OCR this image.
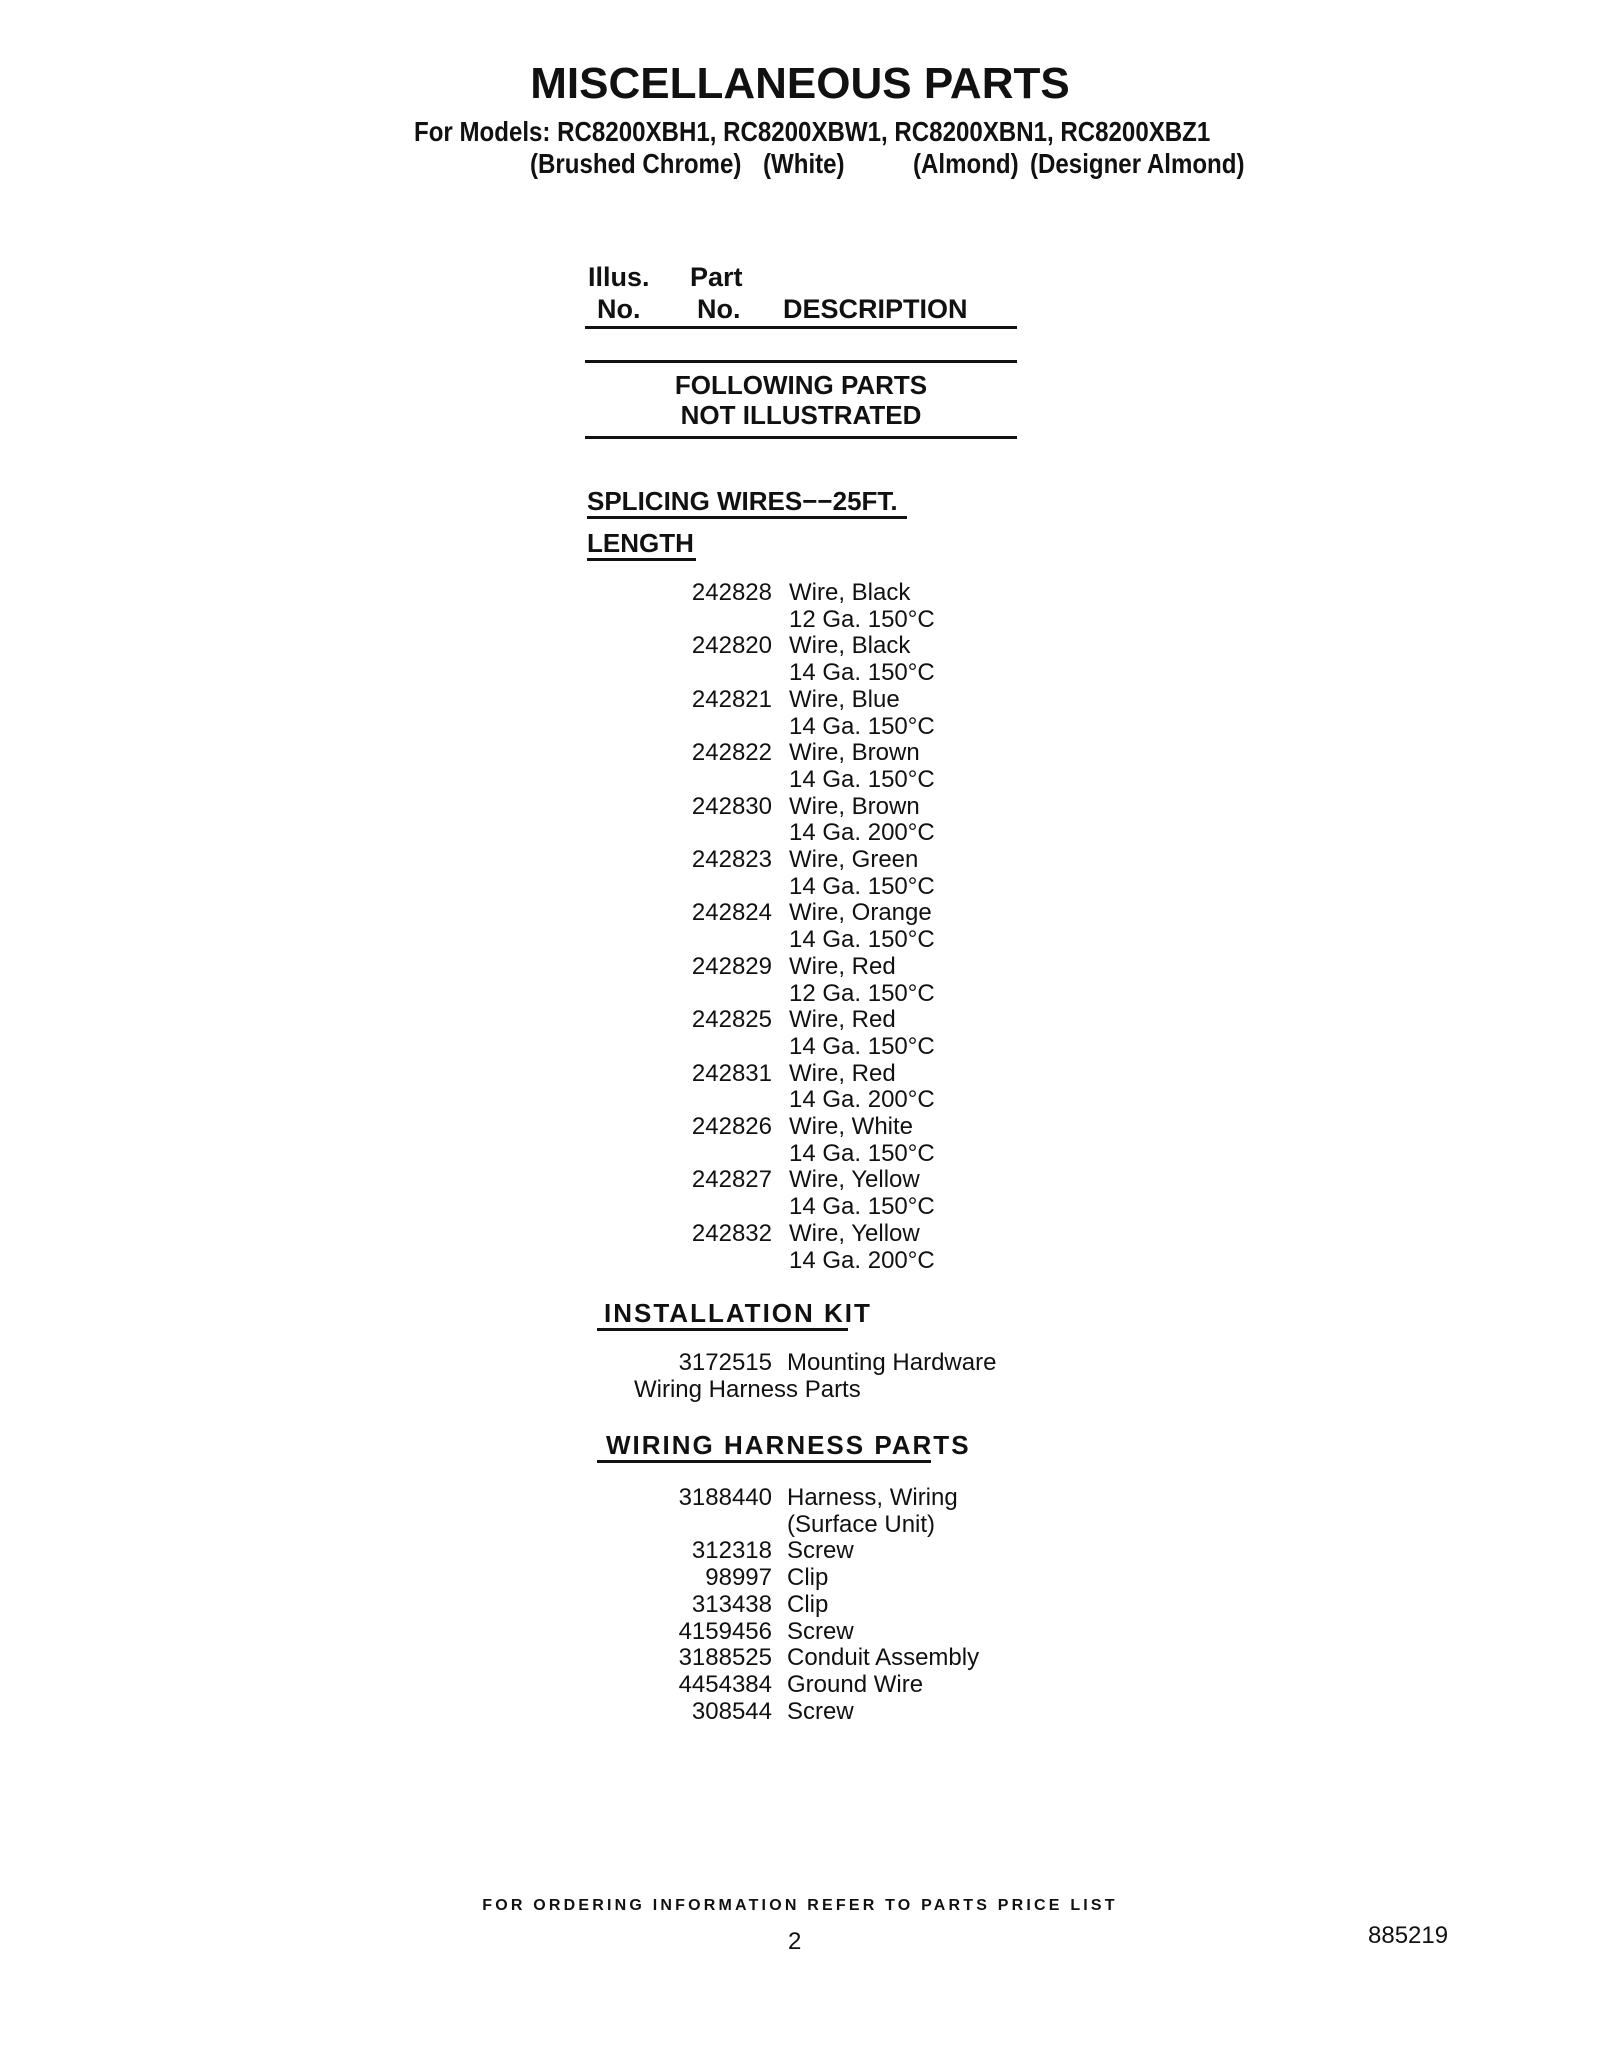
MISCELLANEOUS PARTS
For Models: RC8200XBH1, RC8200XBW1, RC8200XBN1, RC8200XBZ1
(Brushed Chrome) (White) (Almond) (Designer Almond)
Illus.
No.
Part
No. DESCRIPTION
FOLLOWING PARTS
NOT ILLUSTRATED
SPLICING WIRES−−25FT.
LENGTH
242828 Wire, Black
12 Ga. 150°C
242820 Wire, Black
14 Ga. 150°C
242821 Wire, Blue
14 Ga. 150°C
242822 Wire, Brown
14 Ga. 150°C
242830 Wire, Brown
14 Ga. 200°C
242823 Wire, Green
14 Ga. 150°C
242824 Wire, Orange
14 Ga. 150°C
242829 Wire, Red
12 Ga. 150°C
242825 Wire, Red
14 Ga. 150°C
242831 Wire, Red
14 Ga. 200°C
242826 Wire, White
14 Ga. 150°C
242827 Wire, Yellow
14 Ga. 150°C
242832 Wire, Yellow
14 Ga. 200°C
INSTALLATION KIT
3172515 Mounting Hardware
Wiring Harness Parts
WIRING HARNESS PARTS
3188440 Harness, Wiring
(Surface Unit)
312318 Screw
98997 Clip
313438 Clip
4159456 Screw
3188525 Conduit Assembly
4454384 Ground Wire
308544 Screw
FOR ORDERING INFORMATION REFER TO PARTS PRICE LIST
2	885219
